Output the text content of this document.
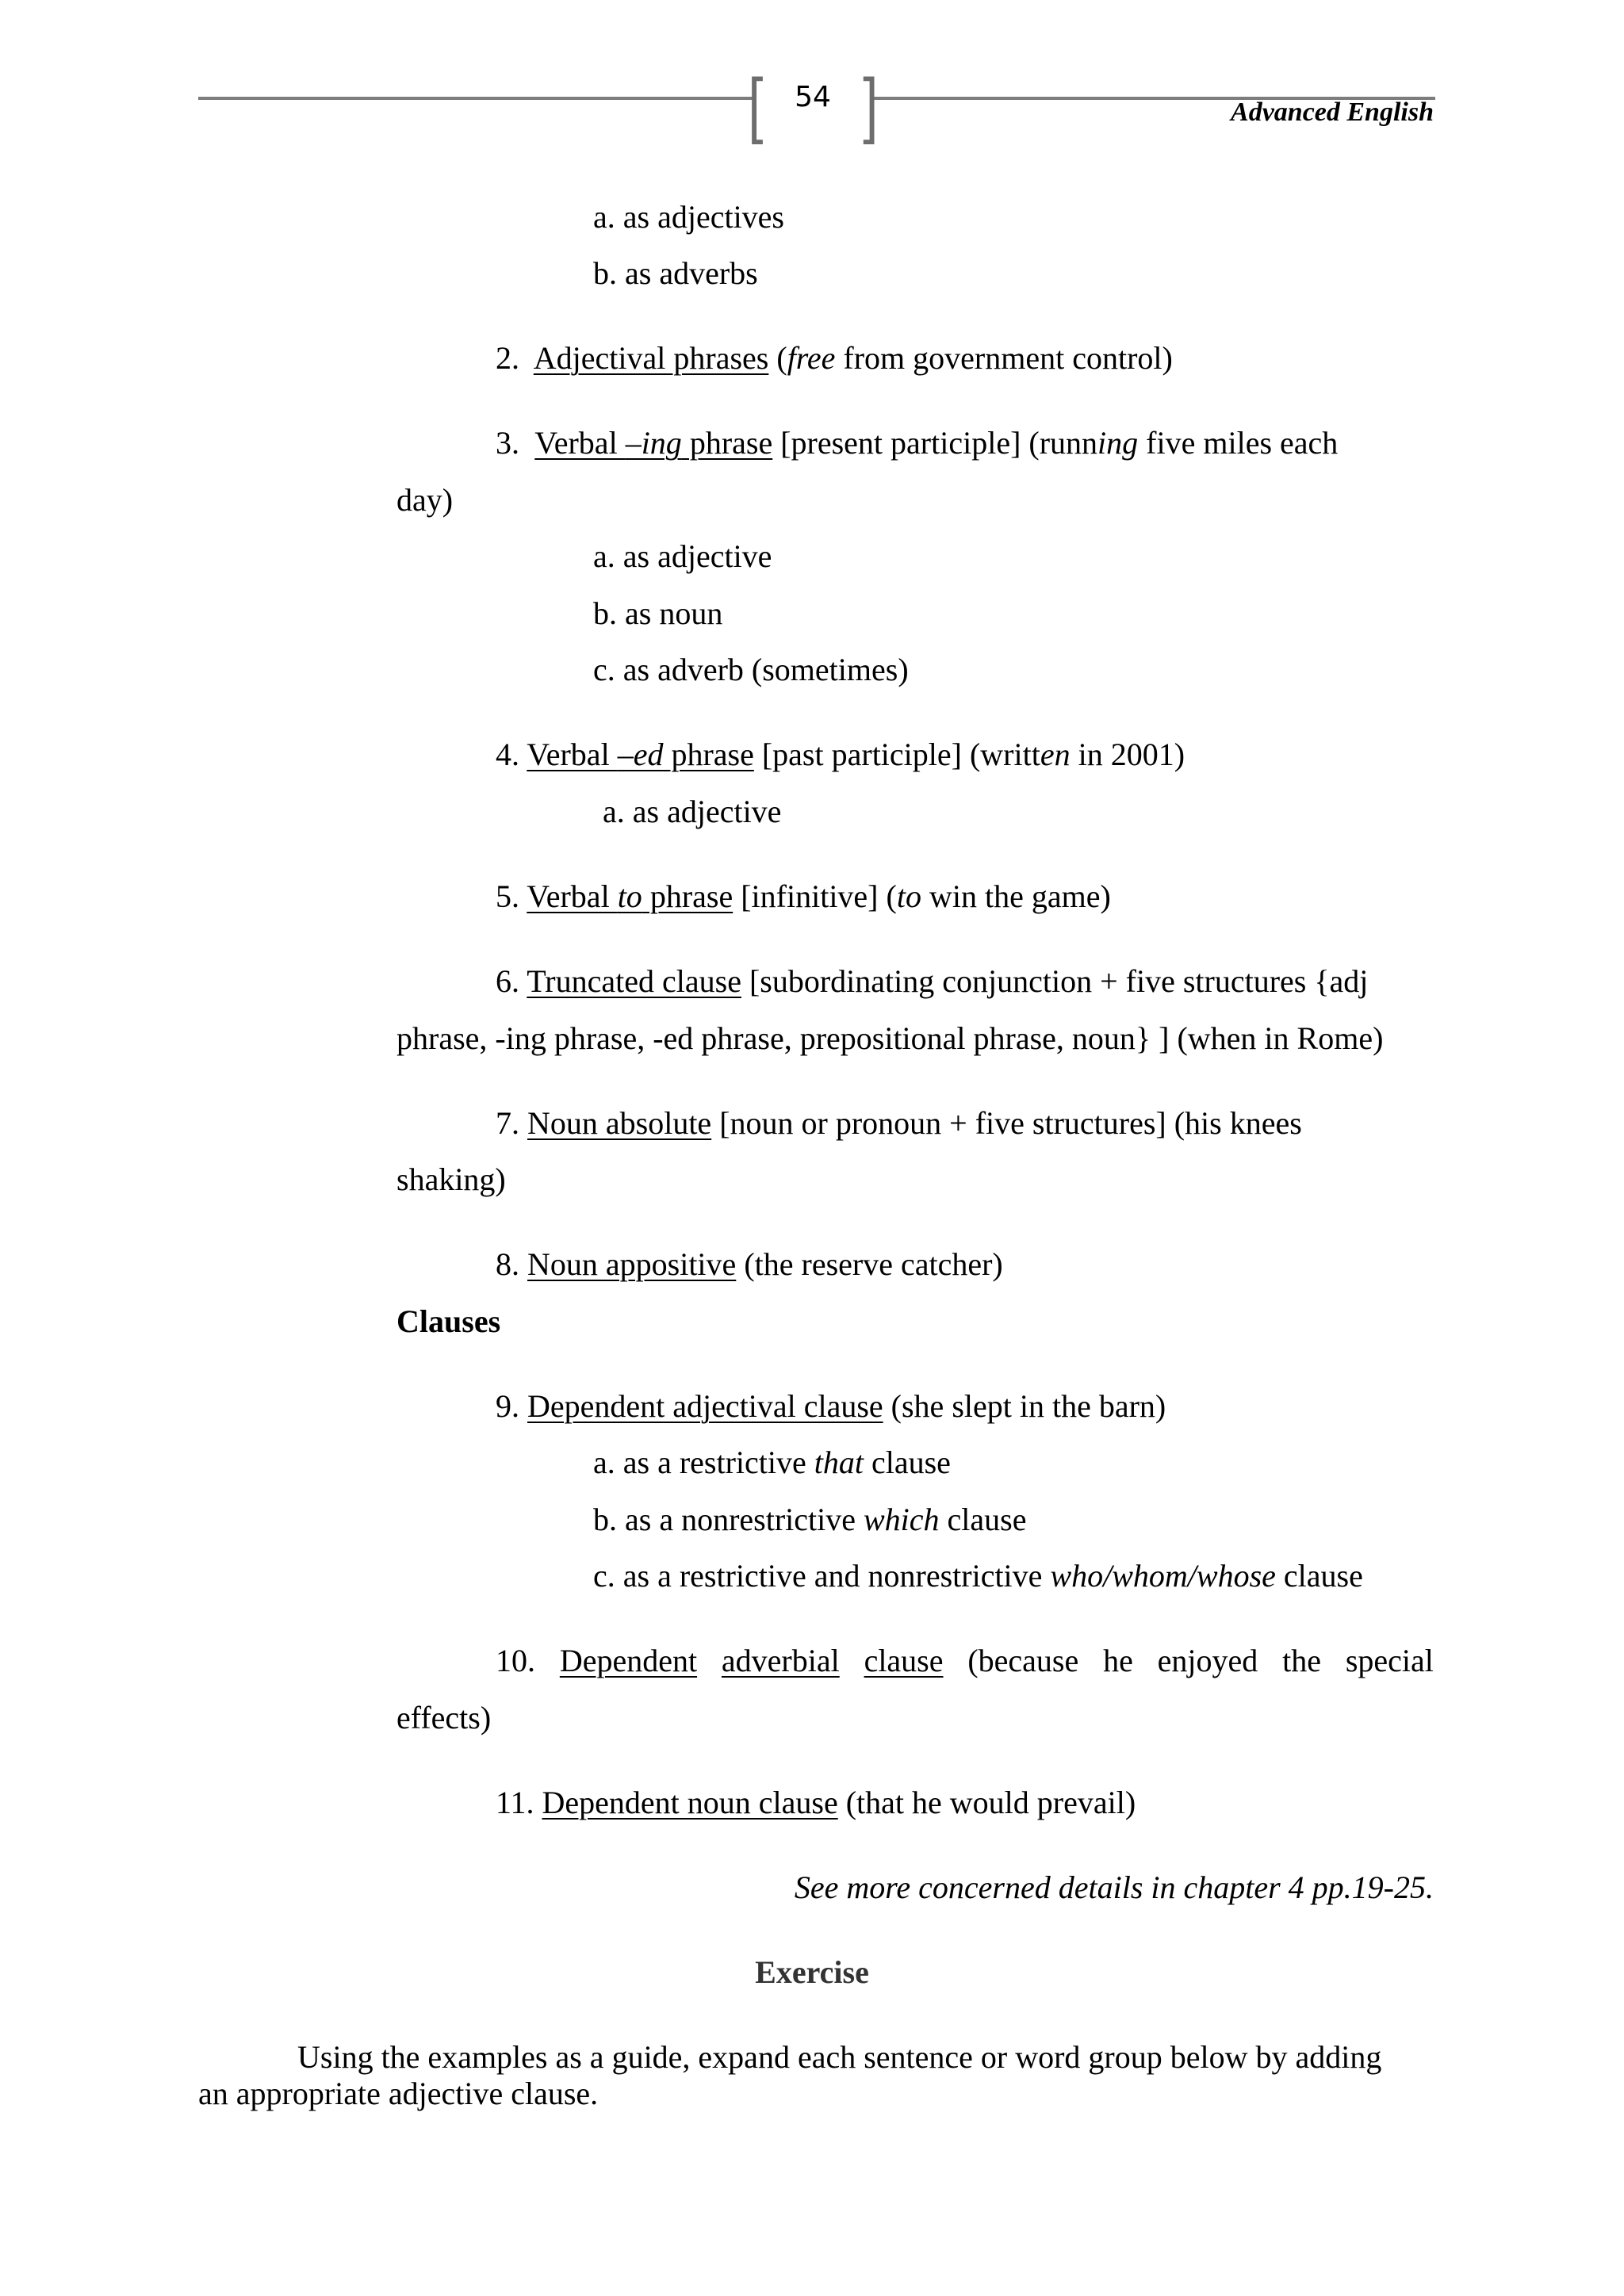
[ ]
54	Advanced English
a. as adjectives
b. as adverbs
2. Adjectival phrases (free from government control)
3. Verbal –ing phrase [present participle] (running five miles each
day)
a. as adjective
b. as noun
c. as adverb (sometimes)
4. Verbal –ed phrase [past participle] (written in 2001)
a. as adjective
5. Verbal to phrase [infinitive] (to win the game)
6. Truncated clause [subordinating conjunction + five structures {adj
phrase, -ing phrase, -ed phrase, prepositional phrase, noun} ] (when in Rome)
7. Noun absolute [noun or pronoun + five structures] (his knees
shaking)
8. Noun appositive (the reserve catcher)
Clauses
9. Dependent adjectival clause (she slept in the barn)
a. as a restrictive that clause
b. as a nonrestrictive which clause
c. as a restrictive and nonrestrictive who/whom/whose clause
10. Dependent adverbial clause (because he enjoyed the special
effects)
11. Dependent noun clause (that he would prevail)
See more concerned details in chapter 4 pp.19-25.
Exercise
Using the examples as a guide, expand each sentence or word group below by adding
an appropriate adjective clause.
